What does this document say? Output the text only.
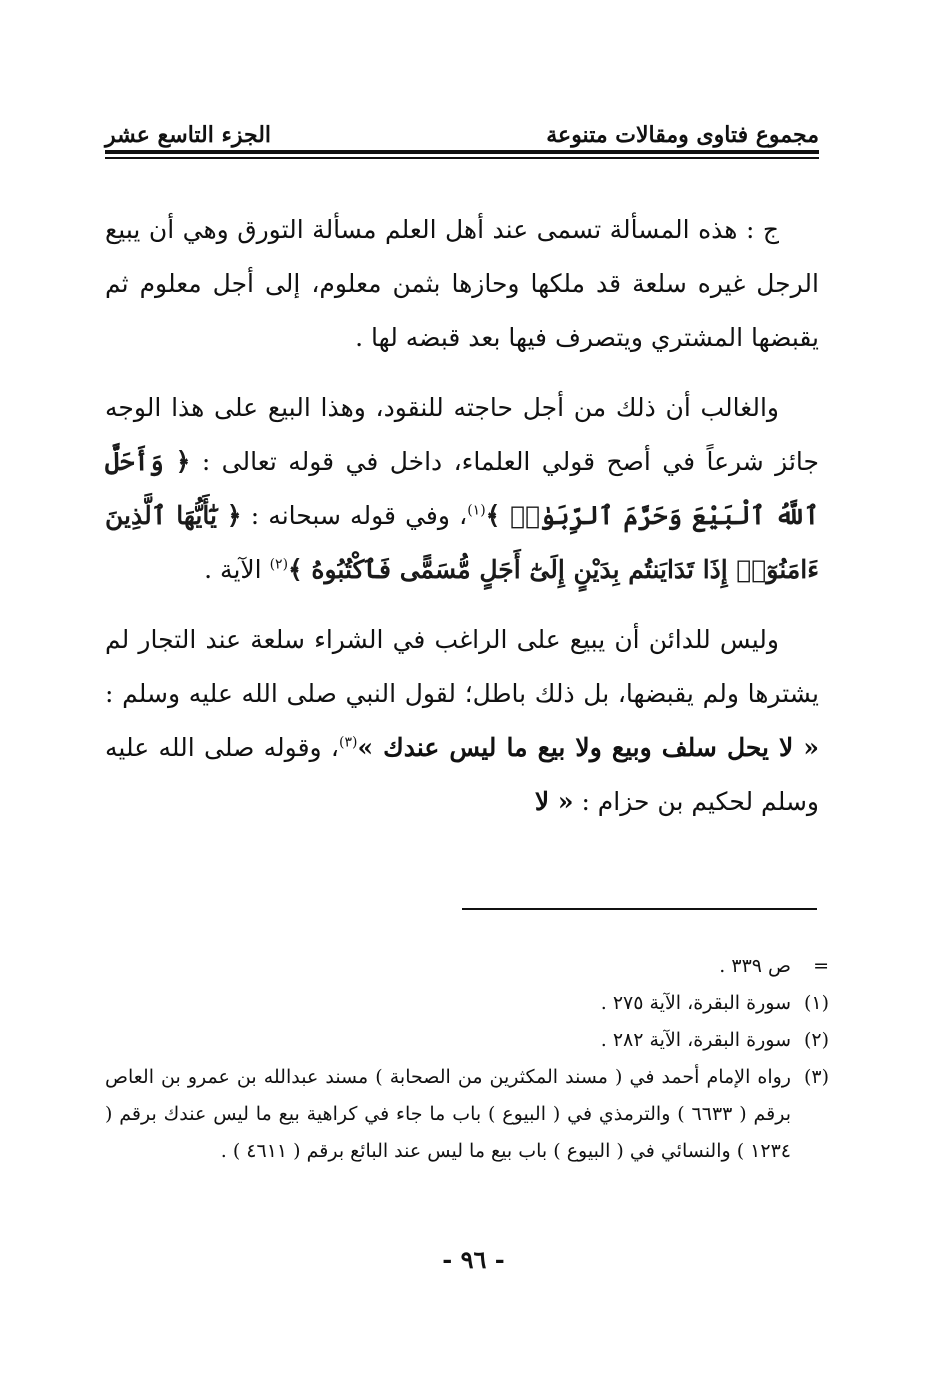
مجموع فتاوى ومقالات متنوعة
الجزء التاسع عشر

ج : هذه المسألة تسمى عند أهل العلم مسألة التورق وهي أن يبيع الرجل غيره سلعة قد ملكها وحازها بثمن معلوم، إلى أجل معلوم ثم يقبضها المشتري ويتصرف فيها بعد قبضه لها .

والغالب أن ذلك من أجل حاجته للنقود، وهذا البيع على هذا الوجه جائز شرعاً في أصح قولي العلماء، داخل في قوله تعالى : ﴿ وَأَحَلَّ ٱللَّهُ ٱلْبَيْعَ وَحَرَّمَ ٱلرِّبَوٰا۟ ﴾$^{(١)}$، وفي قوله سبحانه : ﴿ يَٰٓأَيُّهَا ٱلَّذِينَ ءَامَنُوٓا۟ إِذَا تَدَايَنتُم بِدَيْنٍ إِلَىٰٓ أَجَلٍ مُّسَمًّى فَٱكْتُبُوهُ ﴾$^{(٢)}$ الآية .

وليس للدائن أن يبيع على الراغب في الشراء سلعة عند التجار لم يشترها ولم يقبضها، بل ذلك باطل؛ لقول النبي صلى الله عليه وسلم : « لا يحل سلف وبيع ولا بيع ما ليس عندك »$^{(٣)}$، وقوله صلى الله عليه وسلم لحكيم بن حزام : « لا

=
ص ٣٣٩ .
(١)
سورة البقرة، الآية ٢٧٥ .
(٢)
سورة البقرة، الآية ٢٨٢ .
(٣)
رواه الإمام أحمد في ( مسند المكثرين من الصحابة ) مسند عبدالله بن عمرو بن العاص برقم ( ٦٦٣٣ ) والترمذي في ( البيوع ) باب ما جاء في كراهية بيع ما ليس عندك برقم ( ١٢٣٤ ) والنسائي في ( البيوع ) باب بيع ما ليس عند البائع برقم ( ٤٦١١ ) .
- ٩٦ -
